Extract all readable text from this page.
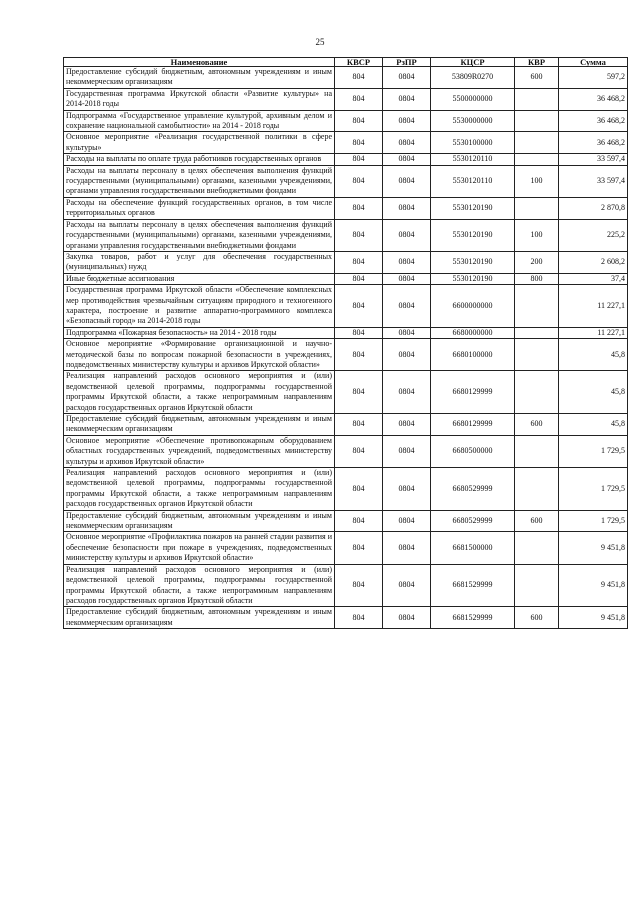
25
Наименование	КВСР	РзПР	КЦСР	КВР	Сумма
Предоставление субсидий бюджетным, автономным учреждениям и иным некоммерческим организациям	804	0804	53809R0270	600	597,2
Государственная программа Иркутской области «Развитие культуры» на 2014-2018 годы	804	0804	5500000000		36 468,2
Подпрограмма «Государственное управление культурой, архивным делом и сохранение национальной самобытности» на 2014 - 2018 годы	804	0804	5530000000		36 468,2
Основное мероприятие «Реализация государственной политики в сфере культуры»	804	0804	5530100000		36 468,2
Расходы на выплаты по оплате труда работников государственных органов	804	0804	5530120110		33 597,4
Расходы на выплаты персоналу в целях обеспечения выполнения функций государственными (муниципальными) органами, казенными учреждениями, органами управления государственными внебюджетными фондами	804	0804	5530120110	100	33 597,4
Расходы на обеспечение функций государственных органов, в том числе территориальных органов	804	0804	5530120190		2 870,8
Расходы на выплаты персоналу в целях обеспечения выполнения функций государственными (муниципальными) органами, казенными учреждениями, органами управления государственными внебюджетными фондами	804	0804	5530120190	100	225,2
Закупка товаров, работ и услуг для обеспечения государственных (муниципальных) нужд	804	0804	5530120190	200	2 608,2
Иные бюджетные ассигнования	804	0804	5530120190	800	37,4
Государственная программа Иркутской области «Обеспечение комплексных мер противодействия чрезвычайным ситуациям природного и техногенного характера, построение и развитие аппаратно-программного комплекса «Безопасный город» на 2014-2018 годы	804	0804	6600000000		11 227,1
Подпрограмма «Пожарная безопасность» на 2014 - 2018 годы	804	0804	6680000000		11 227,1
Основное мероприятие «Формирование организационной и научно-методической базы по вопросам пожарной безопасности в учреждениях, подведомственных министерству культуры и архивов Иркутской области»	804	0804	6680100000		45,8
Реализация направлений расходов основного мероприятия и (или) ведомственной целевой программы, подпрограммы государственной программы Иркутской области, а также непрограммным направлениям расходов государственных органов Иркутской области	804	0804	6680129999		45,8
Предоставление субсидий бюджетным, автономным учреждениям и иным некоммерческим организациям	804	0804	6680129999	600	45,8
Основное мероприятие «Обеспечение противопожарным оборудованием областных государственных учреждений, подведомственных министерству культуры и архивов Иркутской области»	804	0804	6680500000		1 729,5
Реализация направлений расходов основного мероприятия и (или) ведомственной целевой программы, подпрограммы государственной программы Иркутской области, а также непрограммным направлениям расходов государственных органов Иркутской области	804	0804	6680529999		1 729,5
Предоставление субсидий бюджетным, автономным учреждениям и иным некоммерческим организациям	804	0804	6680529999	600	1 729,5
Основное мероприятие «Профилактика пожаров на ранней стадии развития и обеспечение безопасности при пожаре в учреждениях, подведомственных министерству культуры и архивов Иркутской области»	804	0804	6681500000		9 451,8
Реализация направлений расходов основного мероприятия и (или) ведомственной целевой программы, подпрограммы государственной программы Иркутской области, а также непрограммным направлениям расходов государственных органов Иркутской области	804	0804	6681529999		9 451,8
Предоставление субсидий бюджетным, автономным учреждениям и иным некоммерческим организациям	804	0804	6681529999	600	9 451,8
